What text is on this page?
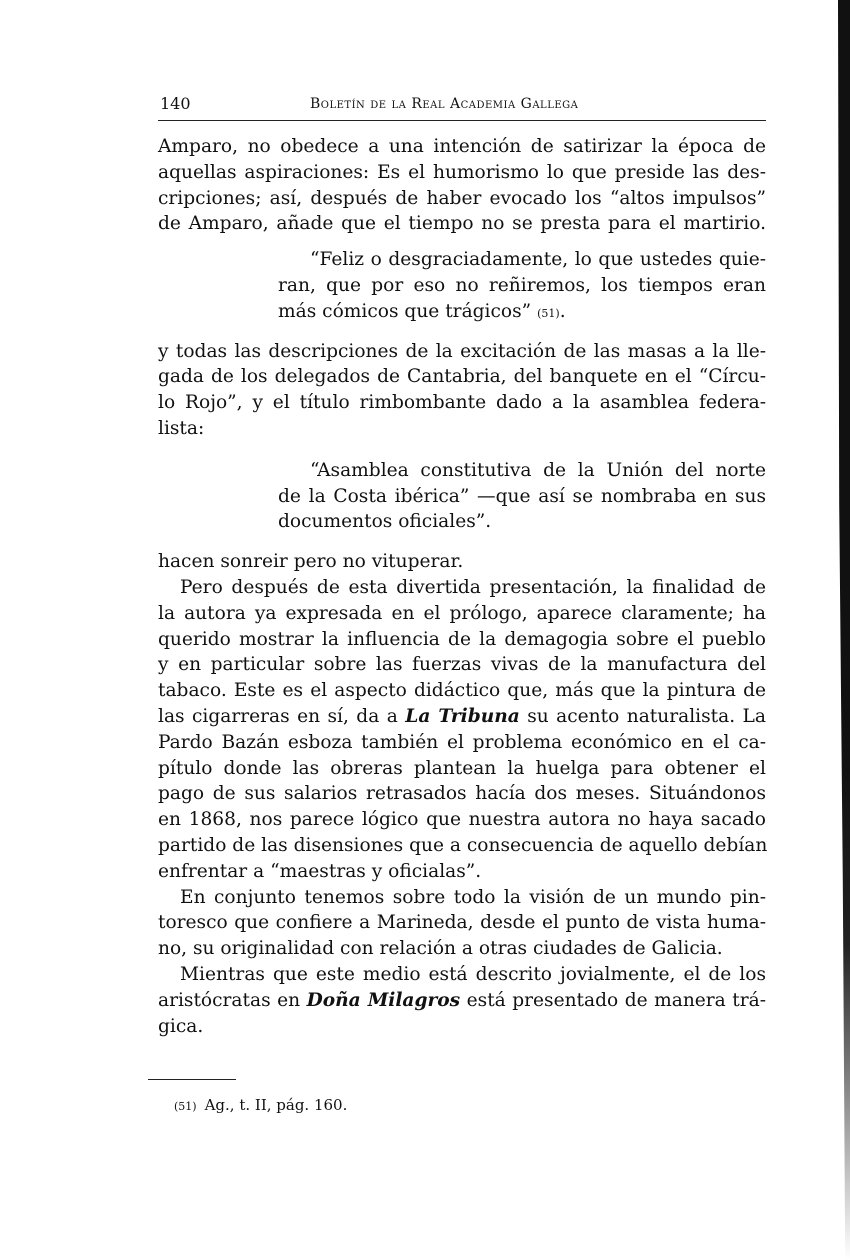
140	Boletín de la Real Academia Gallega
Amparo, no obedece a una intención de satirizar la época de
aquellas aspiraciones: Es el humorismo lo que preside las des-
cripciones; así, después de haber evocado los “altos impulsos”
de Amparo, añade que el tiempo no se presta para el martirio.
“Feliz o desgraciadamente, lo que ustedes quie-
ran, que por eso no reñiremos, los tiempos eran
más cómicos que trágicos” (51).
y todas las descripciones de la excitación de las masas a la lle-
gada de los delegados de Cantabria, del banquete en el “Círcu-
lo Rojo”, y el título rimbombante dado a la asamblea federa-
lista:
“Asamblea constitutiva de la Unión del norte
de la Costa ibérica” —que así se nombraba en sus
documentos oficiales”.
hacen sonreir pero no vituperar.
Pero después de esta divertida presentación, la finalidad de
la autora ya expresada en el prólogo, aparece claramente; ha
querido mostrar la influencia de la demagogia sobre el pueblo
y en particular sobre las fuerzas vivas de la manufactura del
tabaco. Este es el aspecto didáctico que, más que la pintura de
las cigarreras en sí, da a La Tribuna su acento naturalista. La
Pardo Bazán esboza también el problema económico en el ca-
pítulo donde las obreras plantean la huelga para obtener el
pago de sus salarios retrasados hacía dos meses. Situándonos
en 1868, nos parece lógico que nuestra autora no haya sacado
partido de las disensiones que a consecuencia de aquello debían
enfrentar a “maestras y oficialas”.
En conjunto tenemos sobre todo la visión de un mundo pin-
toresco que confiere a Marineda, desde el punto de vista huma-
no, su originalidad con relación a otras ciudades de Galicia.
Mientras que este medio está descrito jovialmente, el de los
aristócratas en Doña Milagros está presentado de manera trá-
gica.
(51) Ag., t. II, pág. 160.
